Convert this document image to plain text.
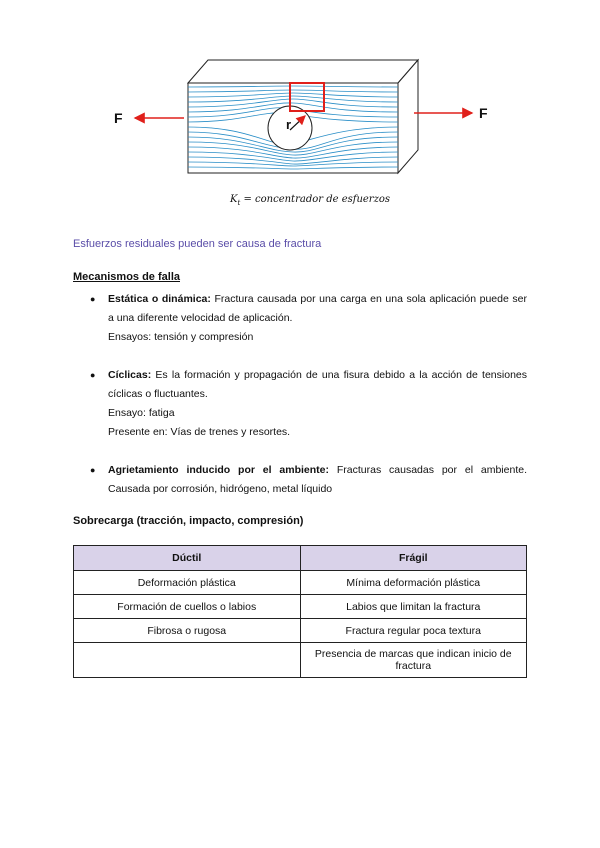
r
F	F
$K_t$ = concentrador de esfuerzos
Esfuerzos residuales pueden ser causa de fractura
Mecanismos de falla
● Estática o dinámica: Fractura causada por una carga en una sola aplicación puede ser a una diferente velocidad de aplicación.
Ensayos: tensión y compresión
● Cíclicas: Es la formación y propagación de una fisura debido a la acción de tensiones cíclicas o fluctuantes.
Ensayo: fatiga
Presente en: Vías de trenes y resortes.
● Agrietamiento inducido por el ambiente: Fracturas causadas por el ambiente. Causada por corrosión, hidrógeno, metal líquido
Sobrecarga (tracción, impacto, compresión)
Dúctil	Frágil
Deformación plástica	Mínima deformación plástica
Formación de cuellos o labios	Labios que limitan la fractura
Fibrosa o rugosa	Fractura regular poca textura
	Presencia de marcas que indican inicio de fractura
